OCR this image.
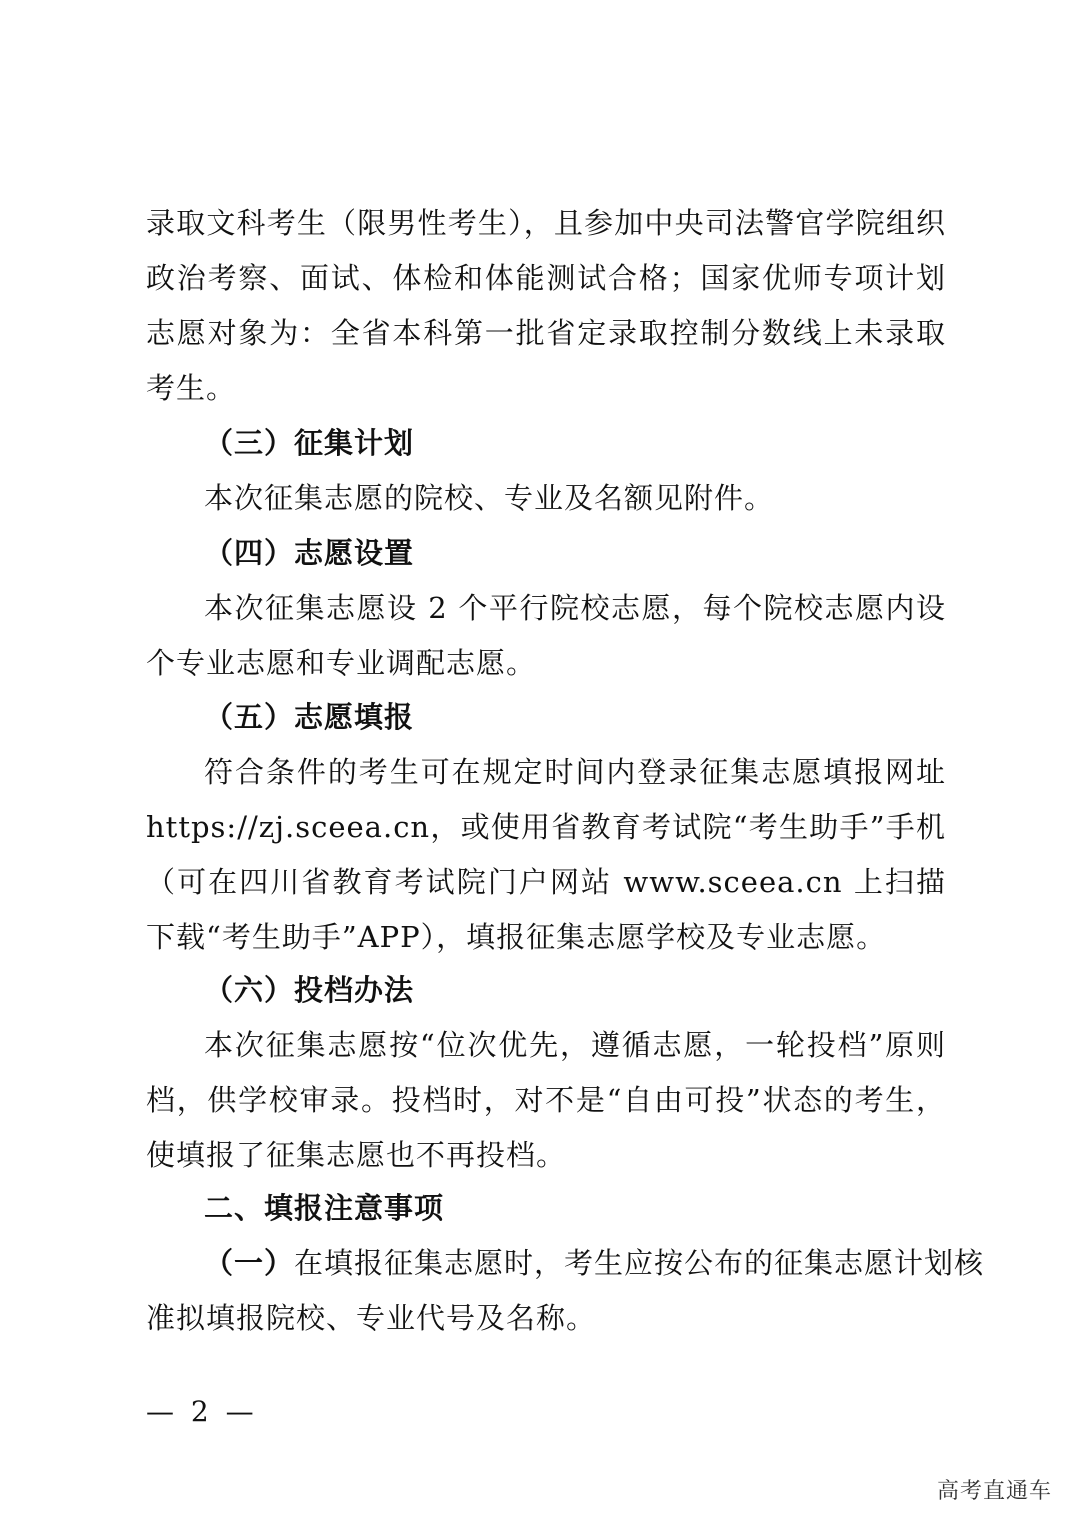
录取文科考生（限男性考生），且参加中央司法警官学院组织
政治考察、面试、体检和体能测试合格；国家优师专项计划
志愿对象为：全省本科第一批省定录取控制分数线上未录取
考生。
（三）征集计划
本次征集志愿的院校、专业及名额见附件。
（四）志愿设置
本次征集志愿设 2 个平行院校志愿，每个院校志愿内设
个专业志愿和专业调配志愿。
（五）志愿填报
符合条件的考生可在规定时间内登录征集志愿填报网址
https://zj.sceea.cn，或使用省教育考试院“考生助手”手机
（可在四川省教育考试院门户网站 www.sceea.cn 上扫描
下载“考生助手”APP），填报征集志愿学校及专业志愿。
（六）投档办法
本次征集志愿按“位次优先，遵循志愿，一轮投档”原则
档，供学校审录。投档时，对不是“自由可投”状态的考生，
使填报了征集志愿也不再投档。
二、填报注意事项
（一） 在填报征集志愿时，考生应按公布的征集志愿计划核
准拟填报院校、专业代号及名称。
— 2 —
高考直通车
